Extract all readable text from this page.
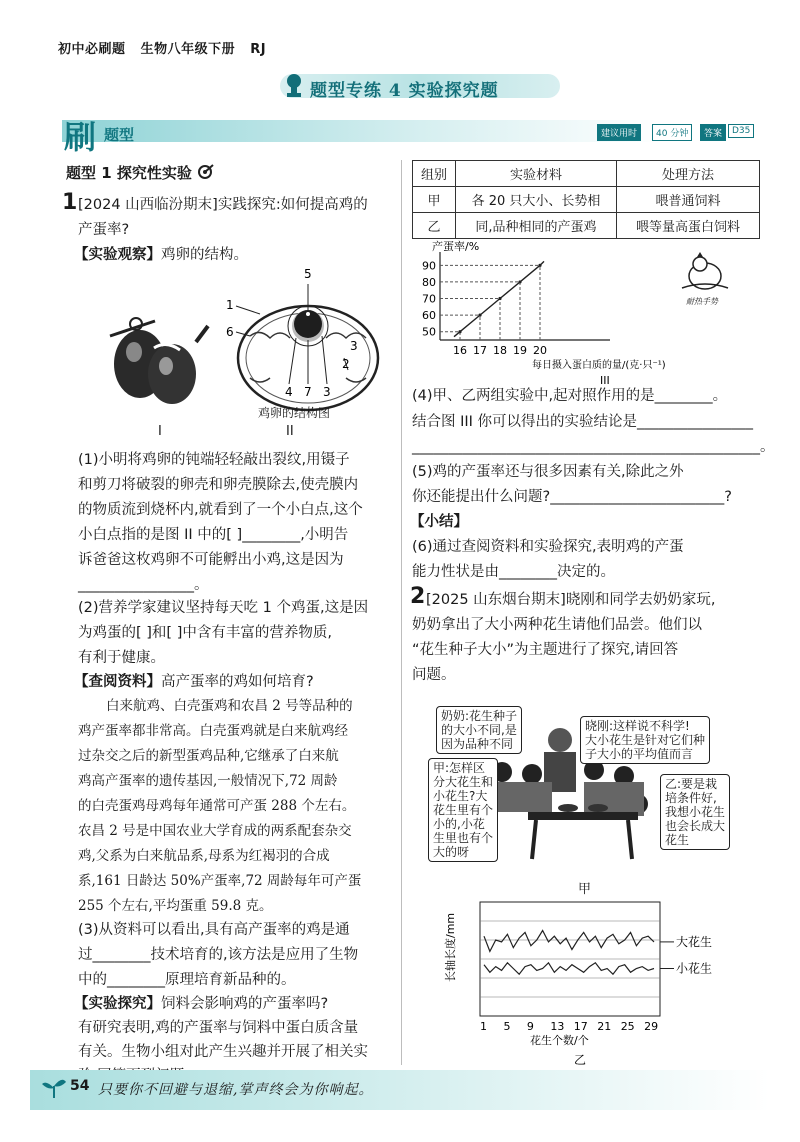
初中必刷题 生物八年级下册 RJ
题型专练 4 实验探究题
刷 题型	建议用时	40 分钟	答案	D35
题型 1 探究性实验
1 [2024 山西临汾期末]实践探究:如何提高鸡的
产蛋率?
【实验观察】鸡卵的结构。
5
1
6
2
3
4 7 3
鸡卵的结构图
I	II
(1)小明将鸡卵的钝端轻轻敲出裂纹,用镊子
和剪刀将破裂的卵壳和卵壳膜除去,使壳膜内
的物质流到烧杯内,就看到了一个小白点,这个
小白点指的是图 II 中的[ ]________,小明告
诉爸爸这枚鸡卵不可能孵出小鸡,这是因为
________________。
(2)营养学家建议坚持每天吃 1 个鸡蛋,这是因
为鸡蛋的[ ]和[ ]中含有丰富的营养物质,
有利于健康。
【查阅资料】高产蛋率的鸡如何培育?
白来航鸡、白壳蛋鸡和农昌 2 号等品种的
鸡产蛋率都非常高。白壳蛋鸡就是白来航鸡经
过杂交之后的新型蛋鸡品种,它继承了白来航
鸡高产蛋率的遗传基因,一般情况下,72 周龄
的白壳蛋鸡母鸡每年通常可产蛋 288 个左右。
农昌 2 号是中国农业大学育成的两系配套杂交
鸡,父系为白来航品系,母系为红褐羽的合成
系,161 日龄达 50%产蛋率,72 周龄每年可产蛋
255 个左右,平均蛋重 59.8 克。
(3)从资料可以看出,具有高产蛋率的鸡是通
过________技术培育的,该方法是应用了生物
中的________原理培育新品种的。
【实验探究】饲料会影响鸡的产蛋率吗?
有研究表明,鸡的产蛋率与饲料中蛋白质含量
有关。生物小组对此产生兴趣并开展了相关实
组别	实验材料	处理方法
甲	各 20 只大小、长势相	喂普通饲料
乙	同,品种相同的产蛋鸡	喂等量高蛋白饲料
产蛋率/%
每日摄入蛋白质的量/(克·只⁻¹)
50
60
70
80
90
16 17 18 19 20
III
耐热手势
(4)甲、乙两组实验中,起对照作用的是________。
结合图 III 你可以得出的实验结论是________________
________________________________________________。
(5)鸡的产蛋率还与很多因素有关,除此之外
你还能提出什么问题?________________________?
【小结】
(6)通过查阅资料和实验探究,表明鸡的产蛋
能力性状是由________决定的。
2 [2025 山东烟台期末]晓刚和同学去奶奶家玩,
奶奶拿出了大小两种花生请他们品尝。他们以
“花生种子大小”为主题进行了探究,请回答
问题。
奶奶:花生种子
的大小不同,是
因为品种不同
晓刚:这样说不科学!
大小花生是针对它们种
子大小的平均值而言
甲:怎样区
分大花生和
小花生?大
花生里有个
小的,小花
生里也有个
大的呀
乙:要是栽
培条件好,
我想小花生
也会长成大
花生
甲
长轴长度/mm
花生个数/个
1 5 9 13 17 21 25 29
大花生
小花生
乙
54 只要你不回避与退缩,掌声终会为你响起。
